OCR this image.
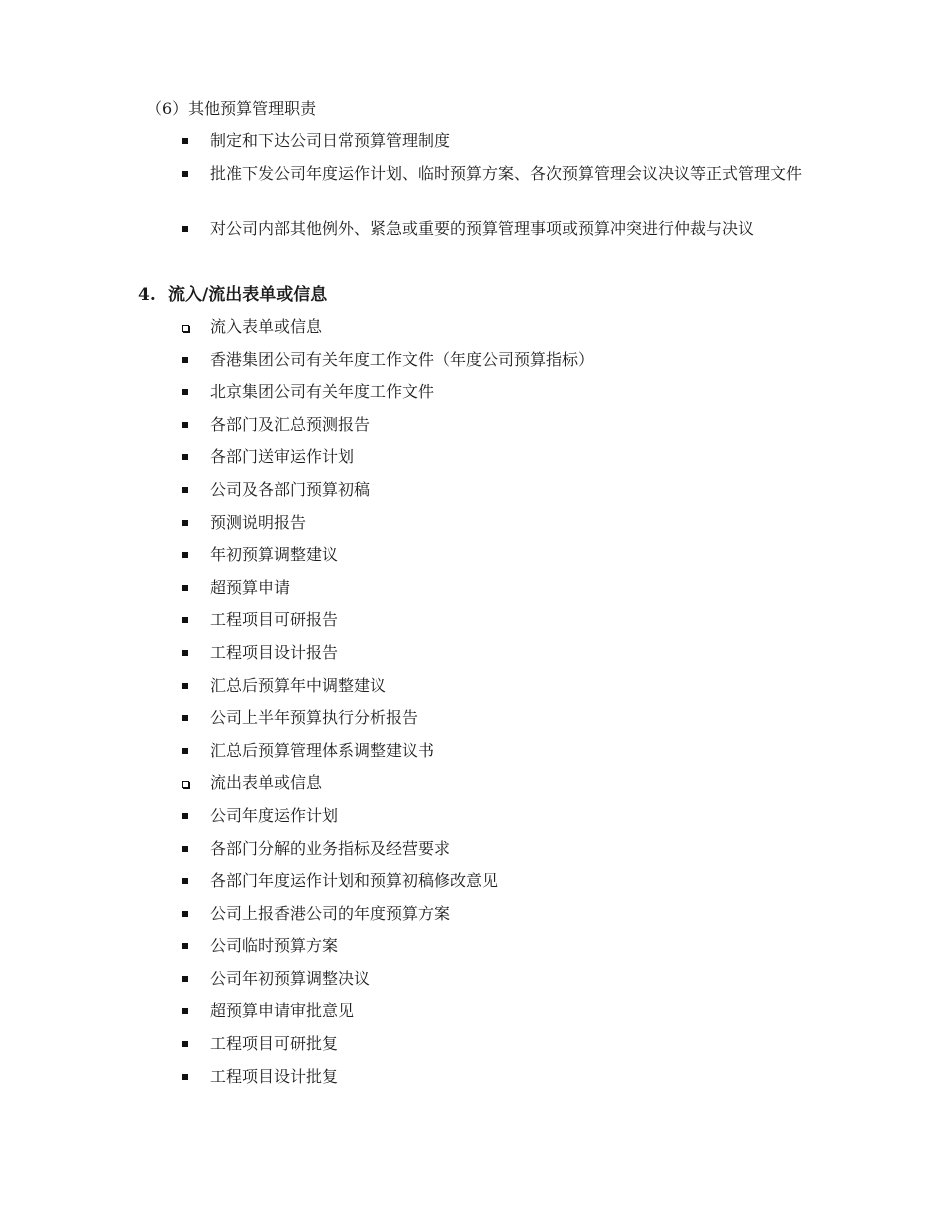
（6）其他预算管理职责
制定和下达公司日常预算管理制度
批准下发公司年度运作计划、临时预算方案、各次预算管理会议决议等正式管理文件
对公司内部其他例外、紧急或重要的预算管理事项或预算冲突进行仲裁与决议
4. 流入/流出表单或信息
流入表单或信息
香港集团公司有关年度工作文件（年度公司预算指标）
北京集团公司有关年度工作文件
各部门及汇总预测报告
各部门送审运作计划
公司及各部门预算初稿
预测说明报告
年初预算调整建议
超预算申请
工程项目可研报告
工程项目设计报告
汇总后预算年中调整建议
公司上半年预算执行分析报告
汇总后预算管理体系调整建议书
流出表单或信息
公司年度运作计划
各部门分解的业务指标及经营要求
各部门年度运作计划和预算初稿修改意见
公司上报香港公司的年度预算方案
公司临时预算方案
公司年初预算调整决议
超预算申请审批意见
工程项目可研批复
工程项目设计批复
